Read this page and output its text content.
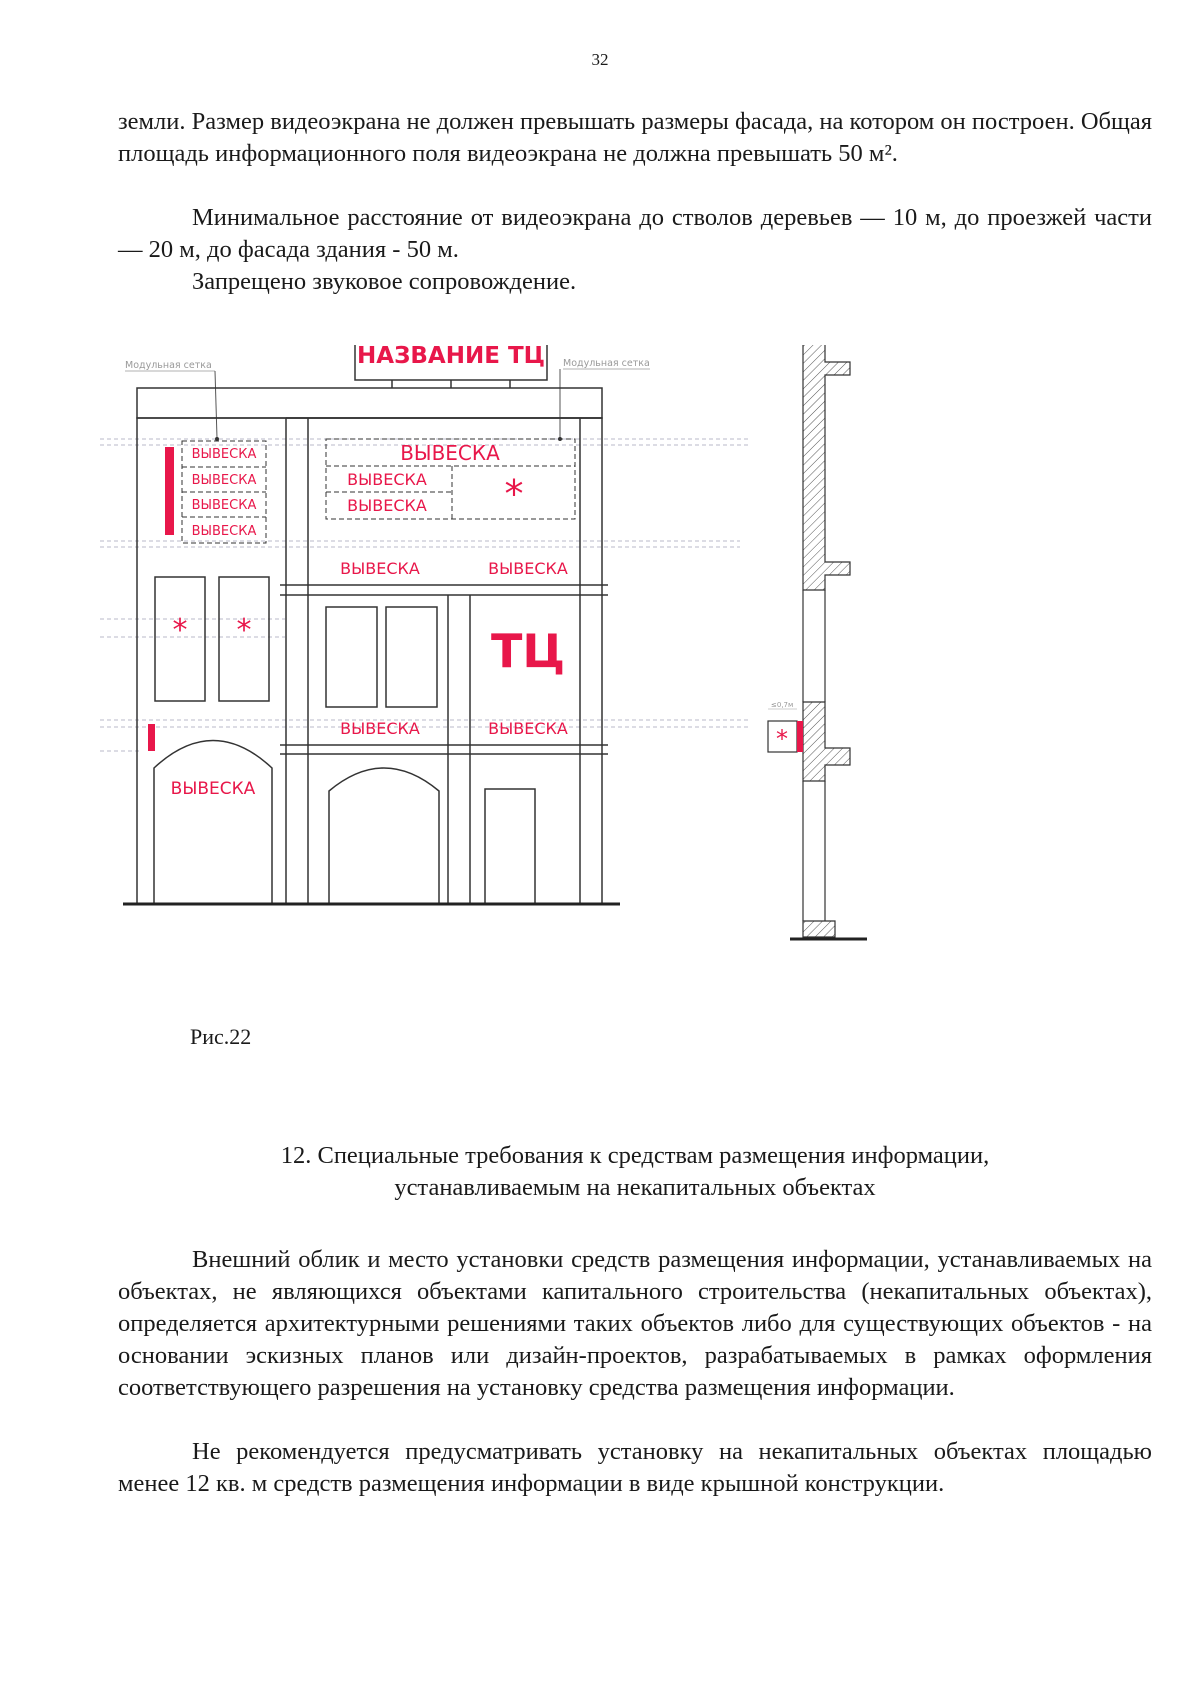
32

земли. Размер видеоэкрана не должен превышать размеры фасада, на котором он построен. Общая площадь информационного поля видеоэкрана не должна превышать 50 м².

Минимальное расстояние от видеоэкрана до стволов деревьев — 10 м, до проезжей части — 20 м, до фасада здания - 50 м.

Запрещено звуковое сопровождение.

НАЗВАНИЕ ТЦ
Модульная сетка	Модульная сетка
ВЫВЕСКА
ВЫВЕСКА
ВЫВЕСКА
ВЫВЕСКА
ВЫВЕСКА
ВЫВЕСКА
ВЫВЕСКА *
ВЫВЕСКА	ВЫВЕСКА
* *	ТЦ
ВЫВЕСКА	ВЫВЕСКА
ВЫВЕСКА
*
≤0,7м
Рис.22
12. Специальные требования к средствам размещения информации,
устанавливаемым на некапитальных объектах

Внешний облик и место установки средств размещения информации, устанавливаемых на объектах, не являющихся объектами капитального строительства (некапитальных объектах), определяется архитектурными решениями таких объектов либо для существующих объектов - на основании эскизных планов или дизайн-проектов, разрабатываемых в рамках оформления соответствующего разрешения на установку средства размещения информации.

Не рекомендуется предусматривать установку на некапитальных объектах площадью менее 12 кв. м средств размещения информации в виде крышной конструкции.
